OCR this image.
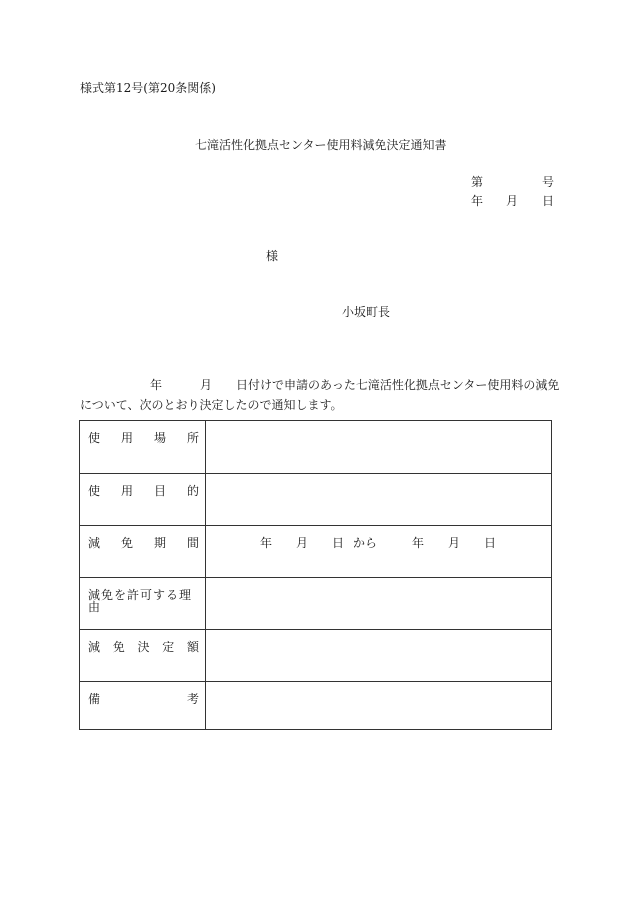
様式第12号(第20条関係)
七滝活性化拠点センター使用料減免決定通知書
第	号
年 月 日
様
小坂町長
年	月 日付けで申請のあった七滝活性化拠点センター使用料の減免
について、次のとおり決定したので通知します。
使 用 場 所
使 用 目 的
減 免 期 間	年 月 日 から	年 月 日
減免を許可する理由
減 免 決 定 額
備	考
